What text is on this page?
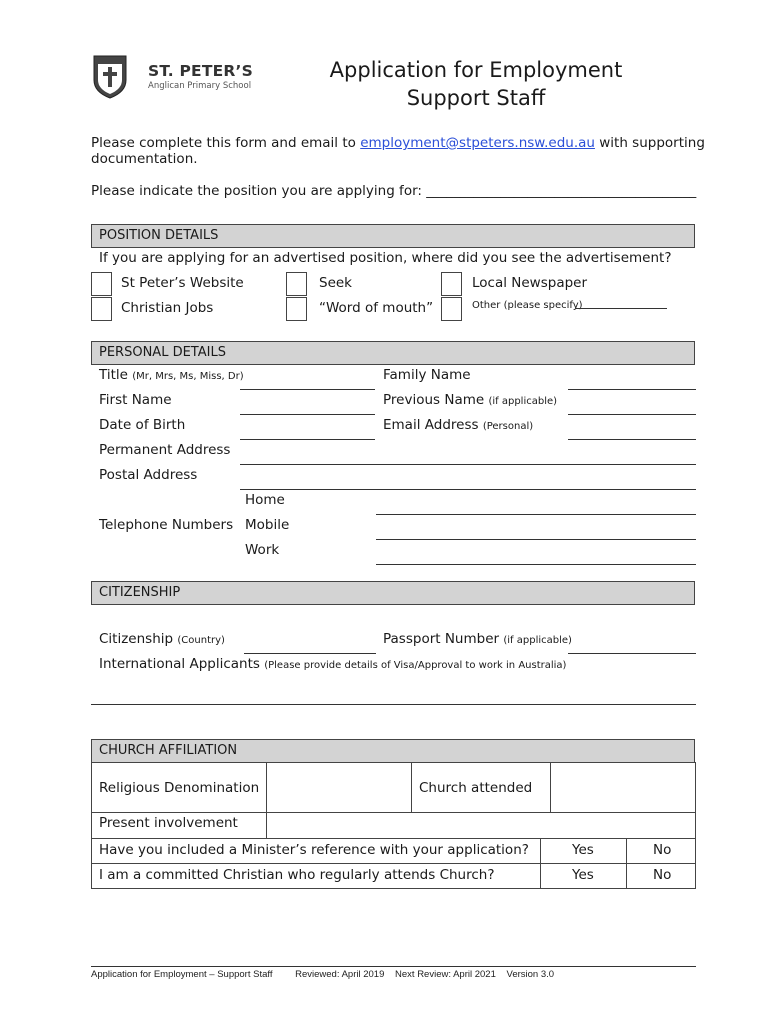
ST. PETER’S
Anglican Primary School
Application for Employment
Support Staff
Please complete this form and email to employment@stpeters.nsw.edu.au with supporting
documentation.
Please indicate the position you are applying for: ________________________________________
POSITION DETAILS
If you are applying for an advertised position, where did you see the advertisement?
St Peter’s Website	Seek	Local Newspaper
Christian Jobs	“Word of mouth”	Other (please specify)
PERSONAL DETAILS
Title (Mr, Mrs, Ms, Miss, Dr)	Family Name
First Name	Previous Name (if applicable)
Date of Birth	Email Address (Personal)
Permanent Address
Postal Address
Home
Telephone Numbers Mobile
Work
CITIZENSHIP
Citizenship (Country)	Passport Number (if applicable)
International Applicants (Please provide details of Visa/Approval to work in Australia)
CHURCH AFFILIATION
Religious Denomination	Church attended
Present involvement
Have you included a Minister’s reference with your application?	Yes	No
I am a committed Christian who regularly attends Church?	Yes	No
Application for Employment – Support Staff Reviewed: April 2019 Next Review: April 2021 Version 3.0
